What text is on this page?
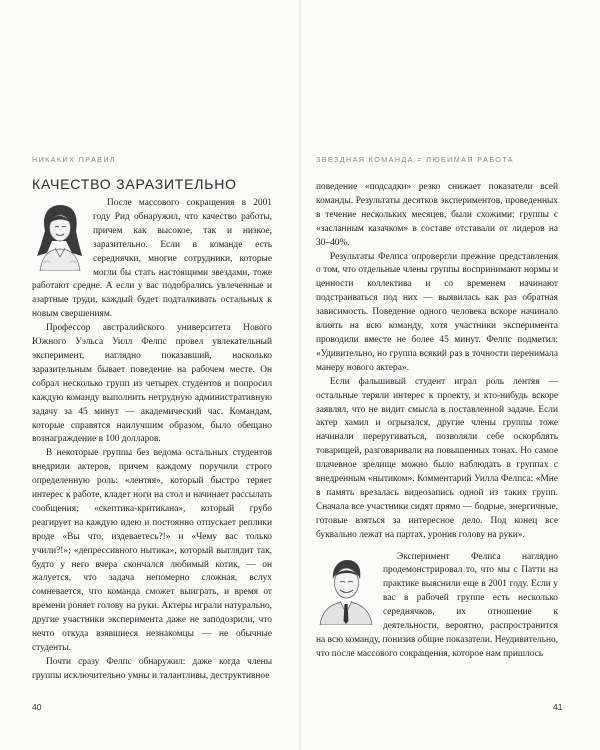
НИКАКИХ ПРАВИЛ
КАЧЕСТВО ЗАРАЗИТЕЛЬНО

После массового сокращения в 2001 году Рид обнаружил, что качество работы, причем как высокое, так и низкое, заразительно. Если в команде есть середнячки, многие сотрудники, которые могли бы стать настоящими звездами, тоже работают средне. А если у вас подобрались увлеченные и азартные труди, каждый будет подталкивать остальных к новым свершениям.

Профессор австралийского университета Нового Южного Уэльса Уилл Фелпс провел увлекательный эксперимент, наглядно показавший, насколько заразительным бывает поведение на рабочем месте. Он собрал несколько групп из четырех студентов и попросил каждую команду выполнить нетрудную административную задачу за 45 минут — академический час. Командам, которые справятся наилучшим образом, было обещано вознаграждение в 100 долларов.

В некоторые группы без ведома остальных студентов внедрили актеров, причем каждому поручили строго определенную роль: «лентяя», который быстро теряет интерес к работе, кладет ноги на стол и начинает рассылать сообщения; «скептика-критикана», который грубо реагирует на каждую идею и постоянно отпускает реплики вроде «Вы что, издеваетесь?!» и «Чему вас только учили?!»; «депрессивного нытика», который выглядит так, будто у него вчера скончался любимый котик, — он жалуется, что задача непомерно сложная, вслух сомневается, что команда сможет выиграть, и время от времени роняет голову на руки. Актеры играли натурально, другие участники эксперимента даже не заподозрили, что нечто откуда взявшиеся незнакомцы — не обычные студенты.

Почти сразу Фелпс обнаружил: даже когда члены группы исключительно умны и талантливы, деструктивное

40
ЗВЕЗДНАЯ КОМАНДА = ЛЮБИМАЯ РАБОТА

поведение «подсадки» резко снижает показатели всей команды. Результаты десятков экспериментов, проведенных в течение нескольких месяцев, были схожими: группы с «засланным казачком» в составе отставали от лидеров на 30–40%.

Результаты Фелпса опровергли прежние представления о том, что отдельные члены группы воспринимают нормы и ценности коллектива и со временем начинают подстраиваться под них — выявилась как раз обратная зависимость. Поведение одного человека вскоре начинало влиять на всю команду, хотя участники эксперимента проводили вместе не более 45 минут. Фелпс подметил: «Удивительно, но группа всякий раз в точности перенимала манеру нового актера».

Если фальшивый студент играл роль лентяя — остальные теряли интерес к проекту, и кто-нибудь вскоре заявлял, что не видит смысла в поставленной задаче. Если актер хамил и огрызался, другие члены группы тоже начинали переругиваться, позволяли себе оскорблять товарищей, разговаривали на повышенных тонах. Но самое плачевное зрелище можно было наблюдать в группах с внедренным «нытиком». Комментарий Уилла Фелпса: «Мне в память врезалась видеозапись одной из таких групп. Сначала все участники сидят прямо — бодрые, энергичные, готовые взяться за интересное дело. Под конец все буквально лежат на партах, уронив голову на руки».

Эксперимент Фелпса наглядно продемонстрировал то, что мы с Патти на практике выяснили еще в 2001 году. Если у вас в рабочей группе есть несколько середнячков, их отношение к деятельности, вероятно, распространится на всю команду, понизив общие показатели. Неудивительно, что после массового сокращения, которое нам пришлось

41
